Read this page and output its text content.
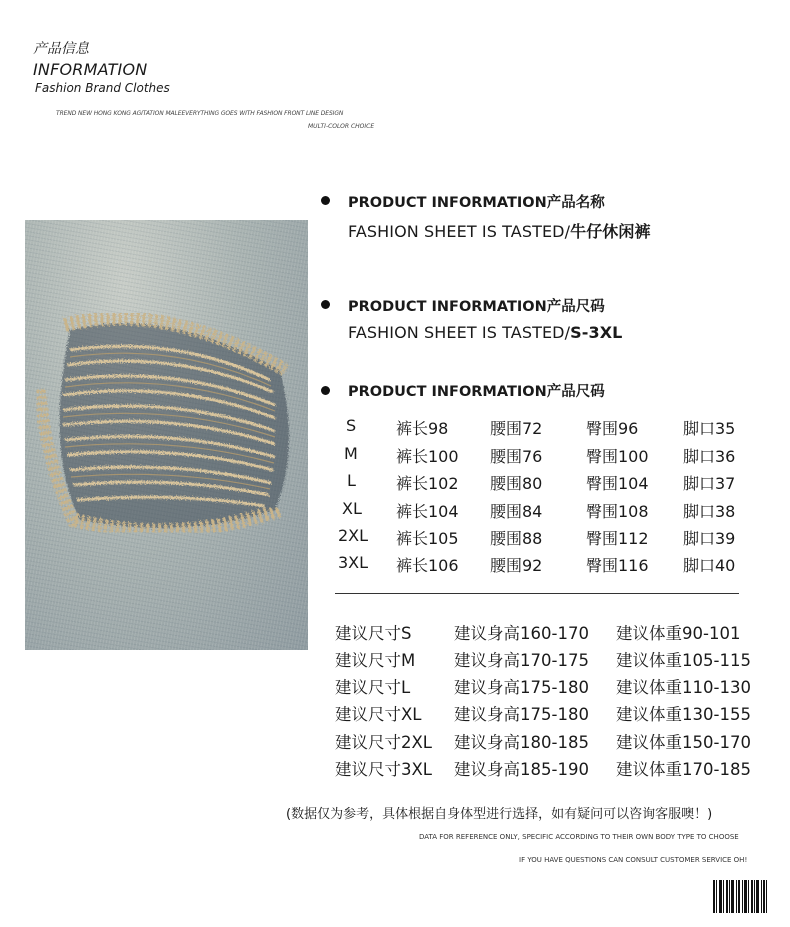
产品信息
INFORMATION
Fashion Brand Clothes
TREND NEW HONG KONG AGITATION MALEEVERYTHING GOES WITH FASHION FRONT LINE DESIGN
MULTI-COLOR CHOICE
PRODUCT INFORMATION产品名称
FASHION SHEET IS TASTED/牛仔休闲裤
PRODUCT INFORMATION产品尺码
FASHION SHEET IS TASTED/S-3XL
PRODUCT INFORMATION产品尺码
S 裤长98	腰围72	臀围96	脚口35
M 裤长100 腰围76	臀围100 脚口36
L	裤长102 腰围80	臀围104 脚口37
XL 裤长104 腰围84	臀围108 脚口38
2XL 裤长105 腰围88	臀围112 脚口39
3XL 裤长106 腰围92	臀围116 脚口40
建议尺寸S	建议身高160-170 建议体重90-101
建议尺寸M 建议身高170-175 建议体重105-115
建议尺寸L	建议身高175-180 建议体重110-130
建议尺寸XL 建议身高175-180 建议体重130-155
建议尺寸2XL 建议身高180-185 建议体重150-170
建议尺寸3XL 建议身高185-190 建议体重170-185
(数据仅为参考，具体根据自身体型进行选择，如有疑问可以咨询客服噢！)
DATA FOR REFERENCE ONLY, SPECIFIC ACCORDING TO THEIR OWN BODY TYPE TO CHOOSE
IF YOU HAVE QUESTIONS CAN CONSULT CUSTOMER SERVICE OH!
